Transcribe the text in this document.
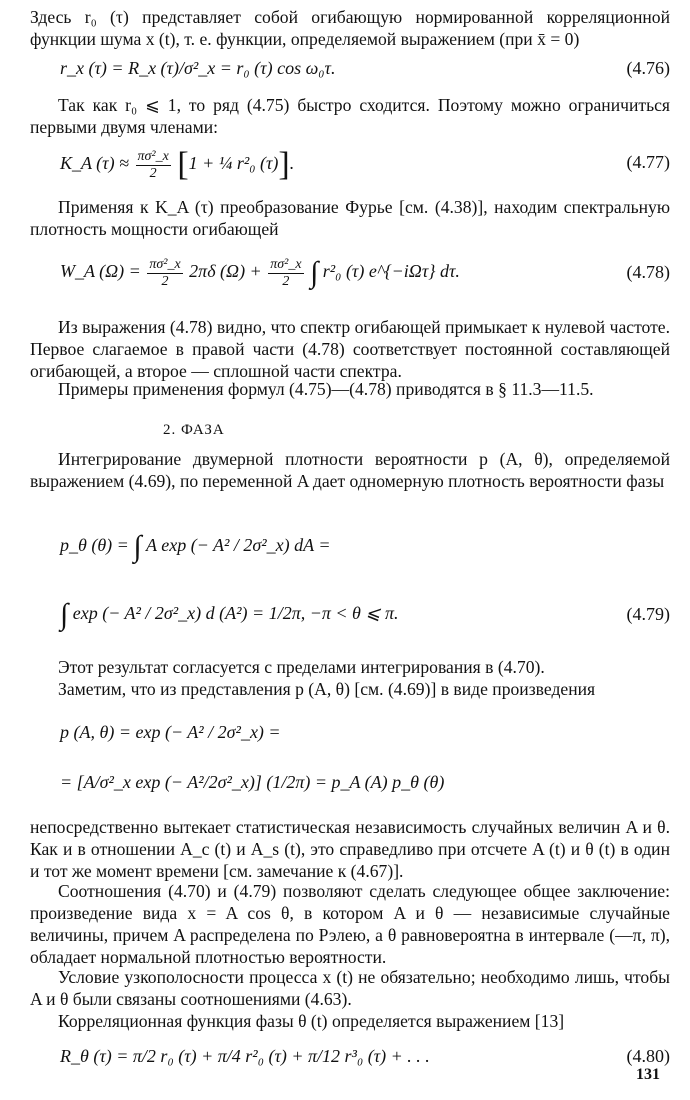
Здесь r₀ (τ) представляет собой огибающую нормированной корреляционной функции шума x (t), т. е. функции, определяемой выражением (при x̄ = 0)

r_x (τ) = R_x (τ)/σ²_x = r₀ (τ) cos ω₀τ.	(4.76)

Так как r₀ ⩽ 1, то ряд (4.75) быстро сходится. Поэтому можно ограничиться первыми двумя членами:

K_A $(\tau) \approx \frac{\text{πσ²\_x}}{2} [1$ + ¼ r²₀ (τ)].	(4.77)

Применяя к K_A (τ) преобразование Фурье [см. (4.38)], находим спектральную плотность мощности огибающей

W_A $(\Omega) = \frac{\text{πσ²\_x}}{2} 2\pi\delta$ $(\Omega) + \frac{\text{πσ²\_x}}{2}$ ∫ r²₀ (τ) e^{−iΩτ} dτ.	(4.78)

Из выражения (4.78) видно, что спектр огибающей примыкает к нулевой частоте. Первое слагаемое в правой части (4.78) соответствует постоянной составляющей огибающей, а второе — сплошной части спектра.

Примеры применения формул (4.75)—(4.78) приводятся в § 11.3—11.5.

2. ФАЗА

Интегрирование двумерной плотности вероятности p (A, θ), определяемой выражением (4.69), по переменной A дает одномерную плотность вероятности фазы

p_θ (θ) = ∫ A exp (− A² / 2σ²_x) dA =
∫ exp (− A² / 2σ²_x) d (A²) = 1/2π, −π < θ ⩽ π.	(4.79)

Этот результат согласуется с пределами интегрирования в (4.70).

Заметим, что из представления p (A, θ) [см. (4.69)] в виде произведения

p (A, θ) = exp (− A² / 2σ²_x) =
= [A/σ²_x exp (− A²/2σ²_x)] (1/2π) = p_A (A) p_θ (θ)

непосредственно вытекает статистическая независимость случайных величин A и θ. Как и в отношении A_c (t) и A_s (t), это справедливо при отсчете A (t) и θ (t) в один и тот же момент времени [см. замечание к (4.67)].

Соотношения (4.70) и (4.79) позволяют сделать следующее общее заключение: произведение вида x = A cos θ, в котором A и θ — независимые случайные величины, причем A распределена по Рэлею, а θ равновероятна в интервале (—π, π), обладает нормальной плотностью вероятности.

Условие узкополосности процесса x (t) не обязательно; необходимо лишь, чтобы A и θ были связаны соотношениями (4.63).

Корреляционная функция фазы θ (t) определяется выражением [13]

R_θ (τ) = π/2 r₀ (τ) + π/4 r²₀ (τ) + π/12 r³₀ (τ) + . . .	(4.80)
131
